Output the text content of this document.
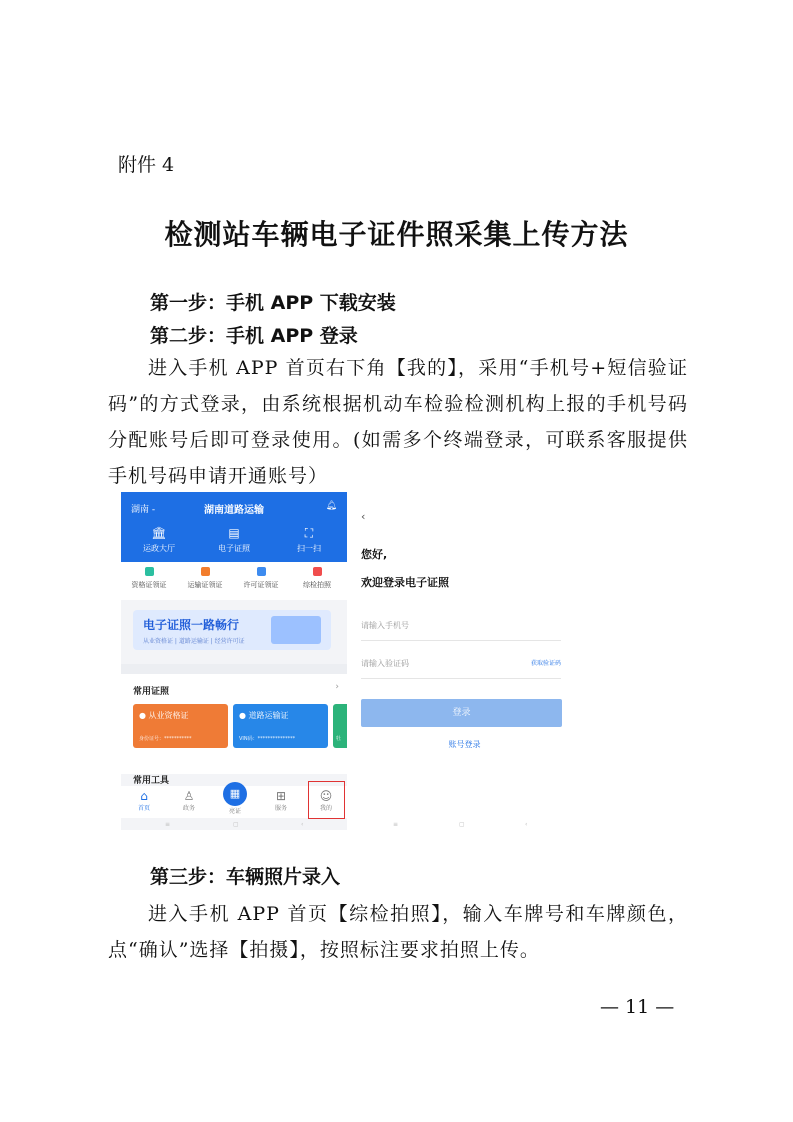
附件 4
检测站车辆电子证件照采集上传方法
第一步：手机 APP 下载安装
第二步：手机 APP 登录
进入手机 APP 首页右下角【我的】，采用“手机号+短信验证码”的方式登录，由系统根据机动车检验检测机构上报的手机号码分配账号后即可登录使用。(如需多个终端登录，可联系客服提供手机号码申请开通账号）
湖南 -	湖南道路运输	🔔︎
🏛︎
运政大厅
▤
电子证照
⛶
扫一扫
资格证领证	运输证领证	许可证领证	综检拍照
电子证照一路畅行
从业资格证 | 道路运输证 | 经营许可证
常用证照	›
● 从业资格证
身份证号：***********
● 道路运输证
VIN码：***************	牡
常用工具
⌂
首页
♙
政务	亮证
⊞
服务
☺
我的
▦
≡	▢	‹
‹
您好,
欢迎登录电子证照
请输入手机号
请输入验证码	获取验证码
登录
账号登录
≡	▢	‹
第三步：车辆照片录入
进入手机 APP 首页【综检拍照】，输入车牌号和车牌颜色，点“确认”选择【拍摄】，按照标注要求拍照上传。
— 11 —
